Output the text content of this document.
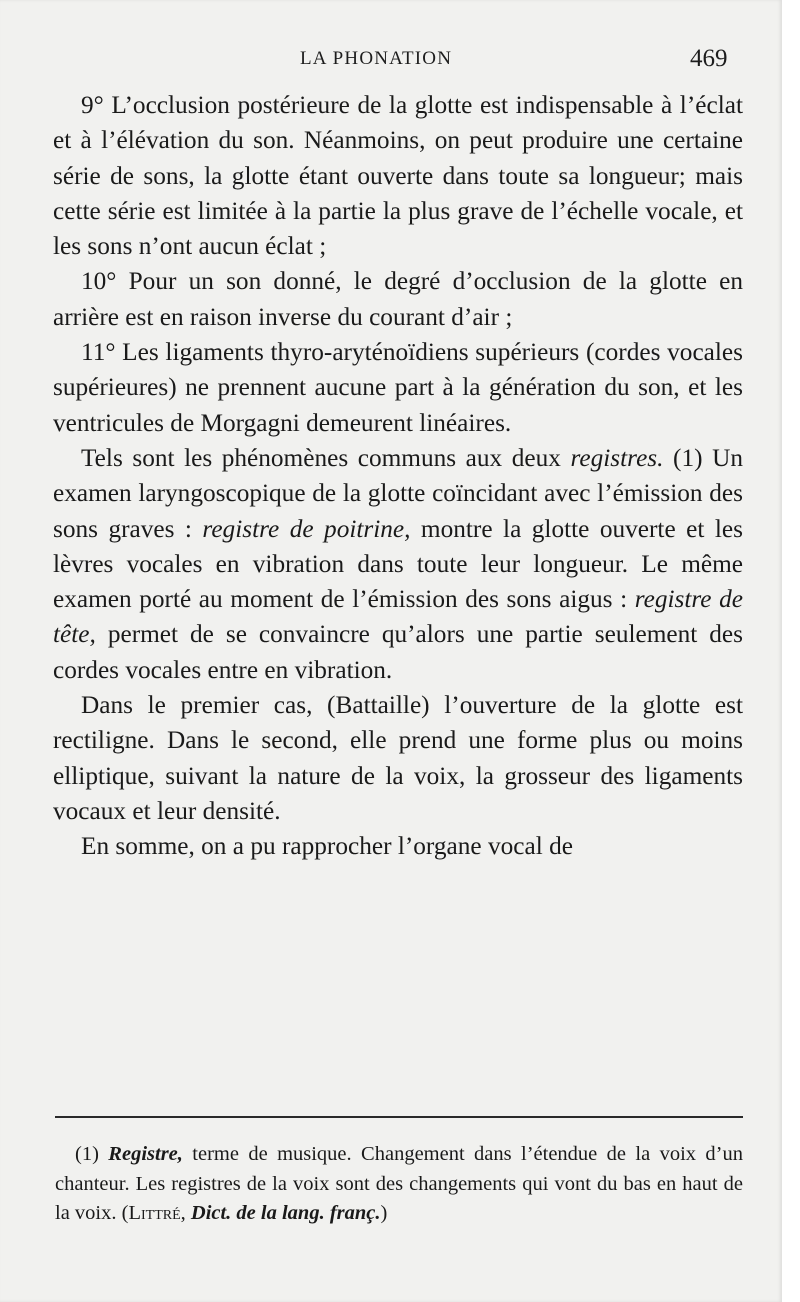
LA PHONATION	469

9° L’occlusion postérieure de la glotte est indispensable à l’éclat et à l’élévation du son. Néanmoins, on peut produire une certaine série de sons, la glotte étant ouverte dans toute sa longueur; mais cette série est limitée à la partie la plus grave de l’échelle vocale, et les sons n’ont aucun éclat ;

10° Pour un son donné, le degré d’occlusion de la glotte en arrière est en raison inverse du courant d’air ;

11° Les ligaments thyro-aryténoïdiens supérieurs (cordes vocales supérieures) ne prennent aucune part à la génération du son, et les ventricules de Morgagni demeurent linéaires.

Tels sont les phénomènes communs aux deux registres. (1) Un examen laryngoscopique de la glotte coïncidant avec l’émission des sons graves : registre de poitrine, montre la glotte ouverte et les lèvres vocales en vibration dans toute leur longueur. Le même examen porté au moment de l’émission des sons aigus : registre de tête, permet de se convaincre qu’alors une partie seulement des cordes vocales entre en vibration.

Dans le premier cas, (Battaille) l’ouverture de la glotte est rectiligne. Dans le second, elle prend une forme plus ou moins elliptique, suivant la nature de la voix, la grosseur des ligaments vocaux et leur densité.

En somme, on a pu rapprocher l’organe vocal de

(1) Registre, terme de musique. Changement dans l’étendue de la voix d’un chanteur. Les registres de la voix sont des changements qui vont du bas en haut de la voix. (Littré, Dict. de la lang. franç.)
